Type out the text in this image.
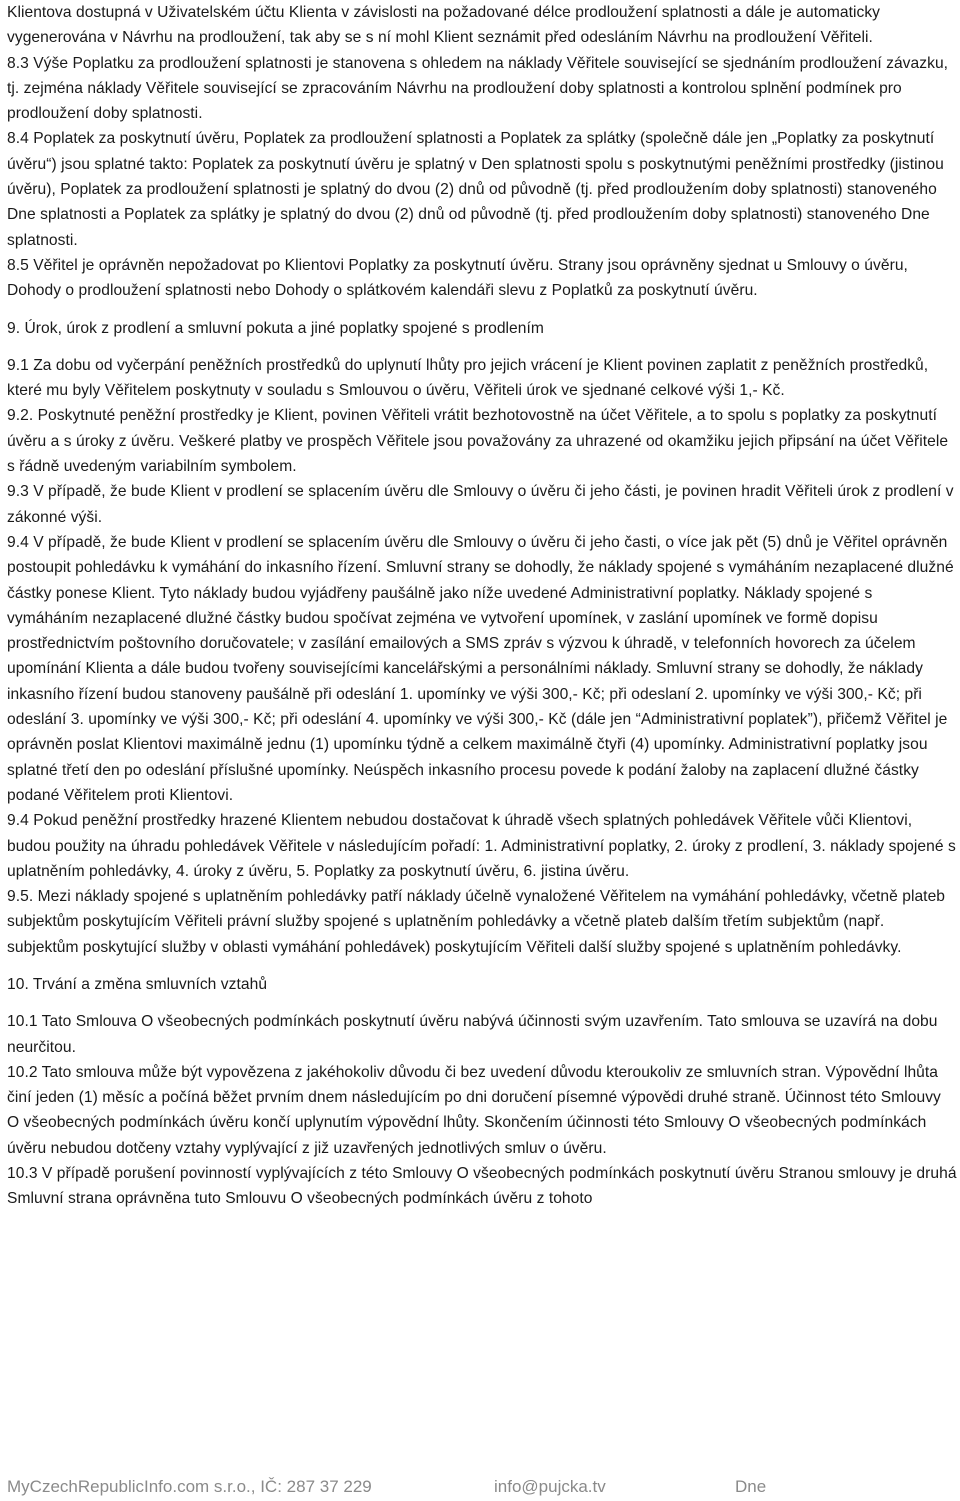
Klientova dostupná v Uživatelském účtu Klienta v závislosti na požadované délce prodloužení splatnosti a dále je automaticky vygenerována v Návrhu na prodloužení, tak aby se s ní mohl Klient seznámit před odesláním Návrhu na prodloužení Věřiteli.

8.3 Výše Poplatku za prodloužení splatnosti je stanovena s ohledem na náklady Věřitele související se sjednáním prodloužení závazku, tj. zejména náklady Věřitele související se zpracováním Návrhu na prodloužení doby splatnosti a kontrolou splnění podmínek pro prodloužení doby splatnosti.

8.4 Poplatek za poskytnutí úvěru, Poplatek za prodloužení splatnosti a Poplatek za splátky (společně dále jen „Poplatky za poskytnutí úvěru“) jsou splatné takto: Poplatek za poskytnutí úvěru je splatný v Den splatnosti spolu s poskytnutými peněžními prostředky (jistinou úvěru), Poplatek za prodloužení splatnosti je splatný do dvou (2) dnů od původně (tj. před prodloužením doby splatnosti) stanoveného Dne splatnosti a Poplatek za splátky je splatný do dvou (2) dnů od původně (tj. před prodloužením doby splatnosti) stanoveného Dne splatnosti.

8.5 Věřitel je oprávněn nepožadovat po Klientovi Poplatky za poskytnutí úvěru. Strany jsou oprávněny sjednat u Smlouvy o úvěru, Dohody o prodloužení splatnosti nebo Dohody o splátkovém kalendáři slevu z Poplatků za poskytnutí úvěru.

9. Úrok, úrok z prodlení a smluvní pokuta a jiné poplatky spojené s prodlením

9.1 Za dobu od vyčerpání peněžních prostředků do uplynutí lhůty pro jejich vrácení je Klient povinen zaplatit z peněžních prostředků, které mu byly Věřitelem poskytnuty v souladu s Smlouvou o úvěru, Věřiteli úrok ve sjednané celkové výši 1,- Kč.

9.2. Poskytnuté peněžní prostředky je Klient, povinen Věřiteli vrátit bezhotovostně na účet Věřitele, a to spolu s poplatky za poskytnutí úvěru a s úroky z úvěru. Veškeré platby ve prospěch Věřitele jsou považovány za uhrazené od okamžiku jejich připsání na účet Věřitele s řádně uvedeným variabilním symbolem.

9.3 V případě, že bude Klient v prodlení se splacením úvěru dle Smlouvy o úvěru či jeho části, je povinen hradit Věřiteli úrok z prodlení v zákonné výši.

9.4 V případě, že bude Klient v prodlení se splacením úvěru dle Smlouvy o úvěru či jeho časti, o více jak pět (5) dnů je Věřitel oprávněn postoupit pohledávku k vymáhání do inkasního řízení. Smluvní strany se dohodly, že náklady spojené s vymáháním nezaplacené dlužné částky ponese Klient. Tyto náklady budou vyjádřeny paušálně jako níže uvedené Administrativní poplatky. Náklady spojené s vymáháním nezaplacené dlužné částky budou spočívat zejména ve vytvoření upomínek, v zaslání upomínek ve formě dopisu prostřednictvím poštovního doručovatele; v zasílání emailových a SMS zpráv s výzvou k úhradě, v telefonních hovorech za účelem upomínání Klienta a dále budou tvořeny souvisejícími kancelářskými a personálními náklady. Smluvní strany se dohodly, že náklady inkasního řízení budou stanoveny paušálně při odeslání 1. upomínky ve výši 300,- Kč; při odeslaní 2. upomínky ve výši 300,- Kč; při odeslání 3. upomínky ve výši 300,- Kč; při odeslání 4. upomínky ve výši 300,- Kč (dále jen “Administrativní poplatek”), přičemž Věřitel je oprávněn poslat Klientovi maximálně jednu (1) upomínku týdně a celkem maximálně čtyři (4) upomínky. Administrativní poplatky jsou splatné třetí den po odeslání příslušné upomínky. Neúspěch inkasního procesu povede k podání žaloby na zaplacení dlužné částky podané Věřitelem proti Klientovi.

9.4 Pokud peněžní prostředky hrazené Klientem nebudou dostačovat k úhradě všech splatných pohledávek Věřitele vůči Klientovi, budou použity na úhradu pohledávek Věřitele v následujícím pořadí: 1. Administrativní poplatky, 2. úroky z prodlení, 3. náklady spojené s uplatněním pohledávky, 4. úroky z úvěru, 5. Poplatky za poskytnutí úvěru, 6. jistina úvěru.

9.5. Mezi náklady spojené s uplatněním pohledávky patří náklady účelně vynaložené Věřitelem na vymáhání pohledávky, včetně plateb subjektům poskytujícím Věřiteli právní služby spojené s uplatněním pohledávky a včetně plateb dalším třetím subjektům (např. subjektům poskytující služby v oblasti vymáhání pohledávek) poskytujícím Věřiteli další služby spojené s uplatněním pohledávky.

10. Trvání a změna smluvních vztahů

10.1 Tato Smlouva O všeobecných podmínkách poskytnutí úvěru nabývá účinnosti svým uzavřením. Tato smlouva se uzavírá na dobu neurčitou.

10.2 Tato smlouva může být vypovězena z jakéhokoliv důvodu či bez uvedení důvodu kteroukoliv ze smluvních stran. Výpovědní lhůta činí jeden (1) měsíc a počíná běžet prvním dnem následujícím po dni doručení písemné výpovědi druhé straně. Účinnost této Smlouvy O všeobecných podmínkách úvěru končí uplynutím výpovědní lhůty. Skončením účinnosti této Smlouvy O všeobecných podmínkách úvěru nebudou dotčeny vztahy vyplývající z již uzavřených jednotlivých smluv o úvěru.

10.3 V případě porušení povinností vyplývajících z této Smlouvy O všeobecných podmínkách poskytnutí úvěru Stranou smlouvy je druhá Smluvní strana oprávněna tuto Smlouvu O všeobecných podmínkách úvěru z tohoto

MyCzechRepublicInfo.com s.r.o., IČ: 287 37 229	info@pujcka.tv	Dne
